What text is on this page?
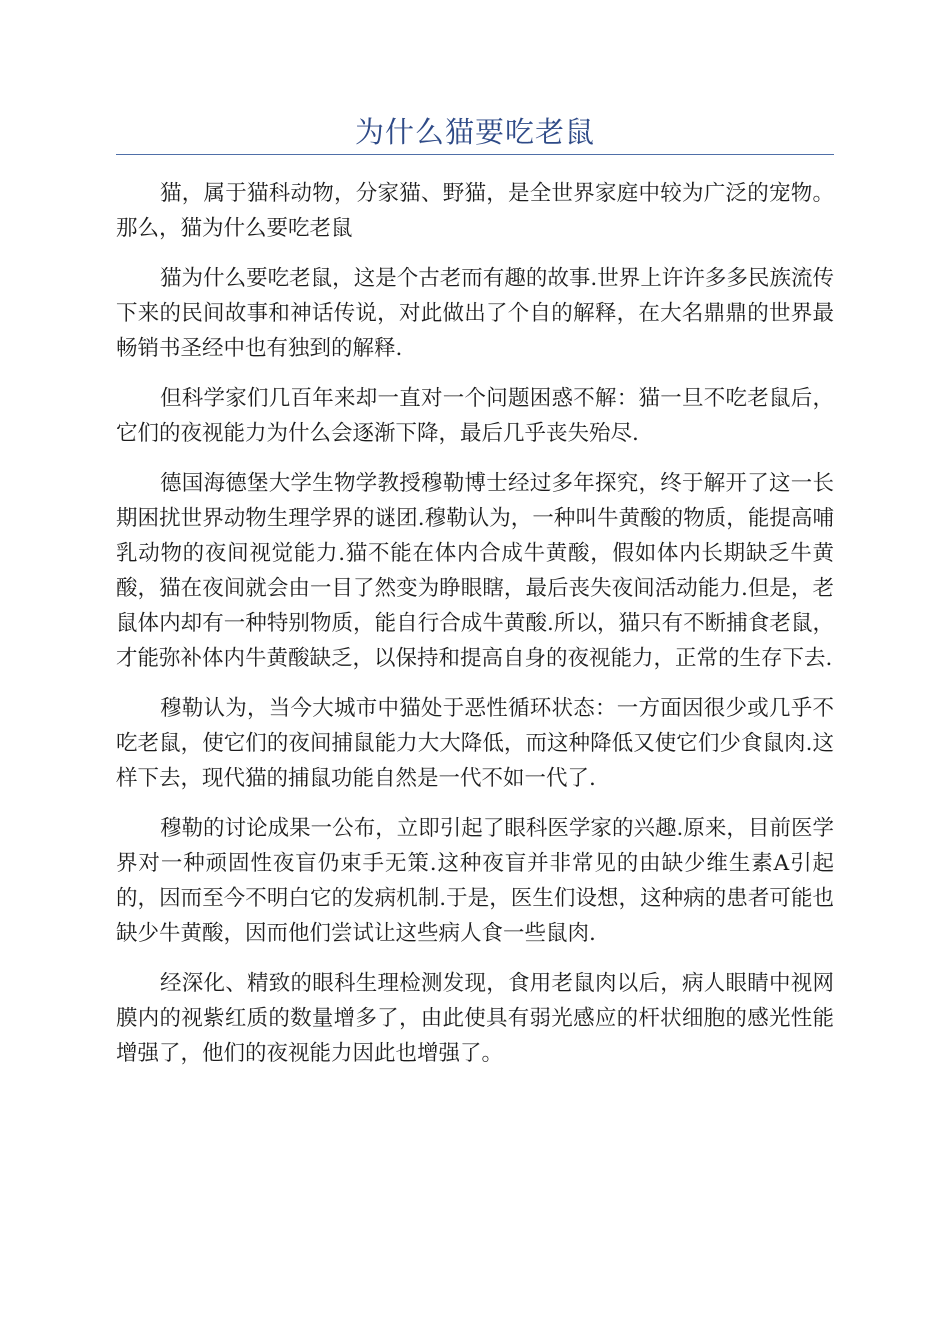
为什么猫要吃老鼠

猫，属于猫科动物，分家猫、野猫，是全世界家庭中较为广泛的宠物。那么，猫为什么要吃老鼠

猫为什么要吃老鼠，这是个古老而有趣的故事.世界上许许多多民族流传下来的民间故事和神话传说，对此做出了个自的解释，在大名鼎鼎的世界最畅销书圣经中也有独到的解释.

但科学家们几百年来却一直对一个问题困惑不解：猫一旦不吃老鼠后，它们的夜视能力为什么会逐渐下降，最后几乎丧失殆尽.

德国海德堡大学生物学教授穆勒博士经过多年探究，终于解开了这一长期困扰世界动物生理学界的谜团.穆勒认为，一种叫牛黄酸的物质，能提高哺乳动物的夜间视觉能力.猫不能在体内合成牛黄酸，假如体内长期缺乏牛黄酸，猫在夜间就会由一目了然变为睁眼瞎，最后丧失夜间活动能力.但是，老鼠体内却有一种特别物质，能自行合成牛黄酸.所以，猫只有不断捕食老鼠，才能弥补体内牛黄酸缺乏，以保持和提高自身的夜视能力，正常的生存下去.

穆勒认为，当今大城市中猫处于恶性循环状态：一方面因很少或几乎不吃老鼠，使它们的夜间捕鼠能力大大降低，而这种降低又使它们少食鼠肉.这样下去，现代猫的捕鼠功能自然是一代不如一代了.

穆勒的讨论成果一公布，立即引起了眼科医学家的兴趣.原来，目前医学界对一种顽固性夜盲仍束手无策.这种夜盲并非常见的由缺少维生素A引起的，因而至今不明白它的发病机制.于是，医生们设想，这种病的患者可能也缺少牛黄酸，因而他们尝试让这些病人食一些鼠肉.

经深化、精致的眼科生理检测发现，食用老鼠肉以后，病人眼睛中视网膜内的视紫红质的数量增多了，由此使具有弱光感应的杆状细胞的感光性能增强了，他们的夜视能力因此也增强了。
